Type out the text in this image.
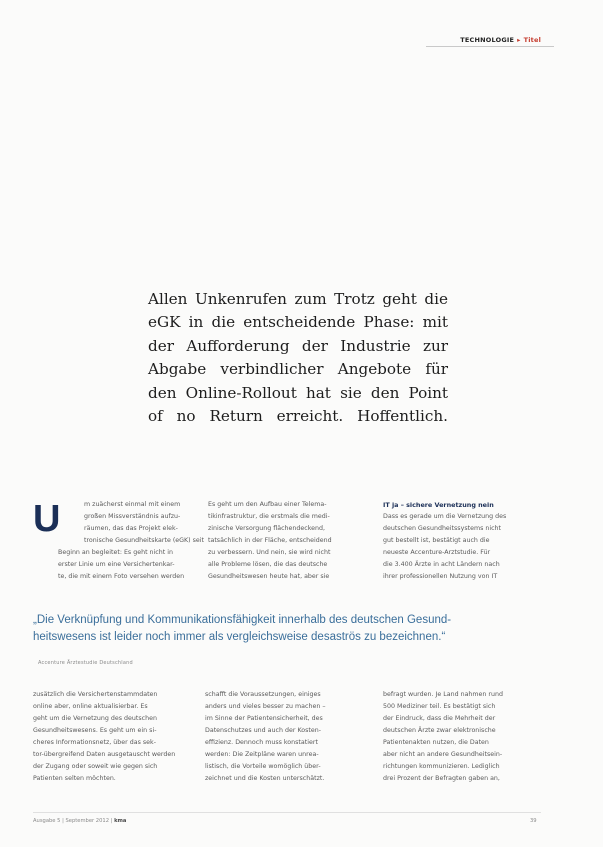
TECHNOLOGIE ▸ Titel
Allen Unkenrufen zum Trotz geht die
eGK in die entscheidende Phase: mit
der Aufforderung der Industrie zur
Abgabe verbindlicher Angebote für
den Online-Rollout hat sie den Point
of no Return erreicht. Hoffentlich.
U	m zuächerst einmal mit einem
großen Missverständnis aufzu-
räumen, das das Projekt elek-
tronische Gesundheitskarte (eGK) seit
Beginn an begleitet: Es geht nicht in
erster Linie um eine Versichertenkar-
te, die mit einem Foto versehen werden
Es geht um den Aufbau einer Telema-
tikinfrastruktur, die erstmals die medi-
zinische Versorgung flächendeckend,
tatsächlich in der Fläche, entscheidend
zu verbessern. Und nein, sie wird nicht
alle Probleme lösen, die das deutsche
Gesundheitswesen heute hat, aber sie
IT ja – sichere Vernetzung nein
Dass es gerade um die Vernetzung des
deutschen Gesundheitssystems nicht
gut bestellt ist, bestätigt auch die
neueste Accenture-Arztstudie. Für
die 3.400 Ärzte in acht Ländern nach
ihrer professionellen Nutzung von IT
„Die Verknüpfung und Kommunikationsfähigkeit innerhalb des deutschen Gesund-
heitswesens ist leider noch immer als vergleichsweise desaströs zu bezeichnen.“
Accenture Ärztestudie Deutschland
zusätzlich die Versichertenstammdaten
online aber, online aktualisierbar. Es
geht um die Vernetzung des deutschen
Gesundheitswesens. Es geht um ein si-
cheres Informationsnetz, über das sek-
tor-übergreifend Daten ausgetauscht werden
der Zugang oder soweit wie gegen sich
Patienten selten möchten.
schafft die Voraussetzungen, einiges
anders und vieles besser zu machen –
im Sinne der Patientensicherheit, des
Datenschutzes und auch der Kosten-
effizienz. Dennoch muss konstatiert
werden: Die Zeitpläne waren unrea-
listisch, die Vorteile womöglich über-
zeichnet und die Kosten unterschätzt.
befragt wurden. Je Land nahmen rund
500 Mediziner teil. Es bestätigt sich
der Eindruck, dass die Mehrheit der
deutschen Ärzte zwar elektronische
Patientenakten nutzen, die Daten
aber nicht an andere Gesundheitsein-
richtungen kommunizieren. Lediglich
drei Prozent der Befragten gaben an,
Ausgabe 5 | September 2012 | kma	39
